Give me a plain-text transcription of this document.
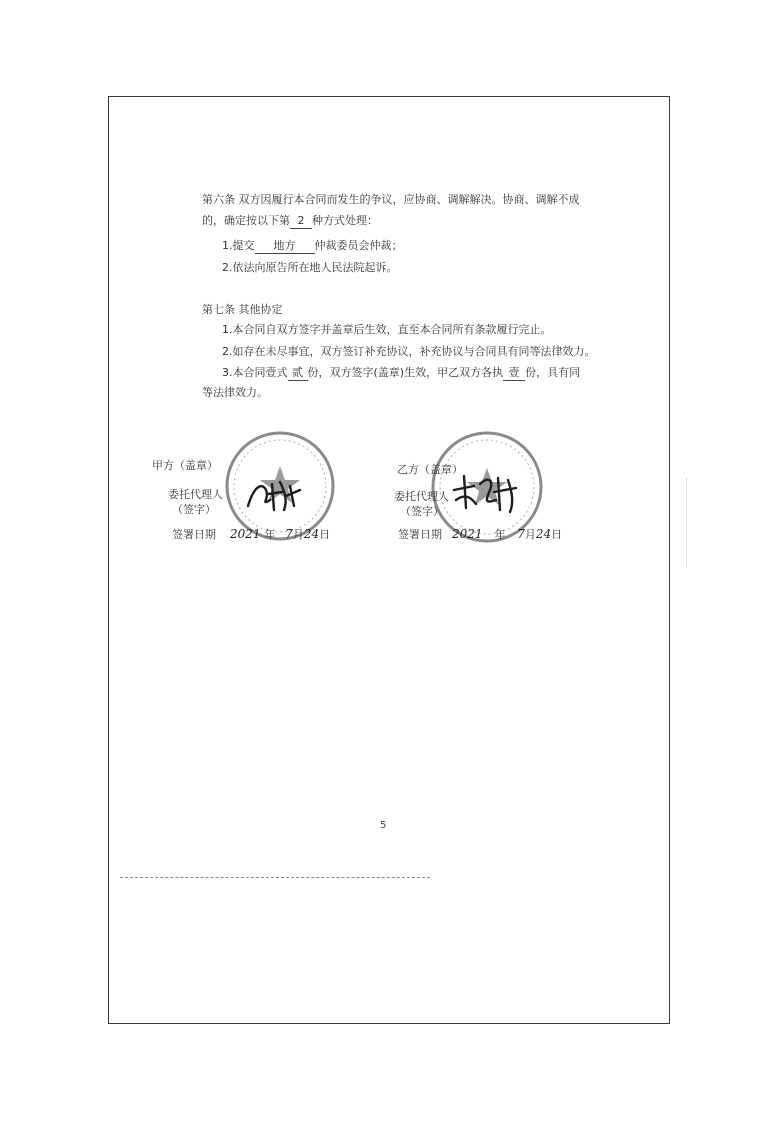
第六条 双方因履行本合同而发生的争议，应协商、调解解决。协商、调解不成
的，确定按以下第 2 种方式处理：
1.提交 地方 仲裁委员会仲裁；
2.依法向原告所在地人民法院起诉。
第七条 其他协定
1.本合同自双方签字并盖章后生效，直至本合同所有条款履行完止。
2.如存在未尽事宜，双方签订补充协议，补充协议与合同具有同等法律效力。
3.本合同壹式 贰 份，双方签字(盖章)生效，甲乙双方各执 壹 份，具有同
等法律效力。
甲方（盖章）
委托代理人
（签字）
签署日期 2021 年 7月24日
乙方（盖章）
委托代理人
（签字）
签署日期 2021 年 7月24日
5
